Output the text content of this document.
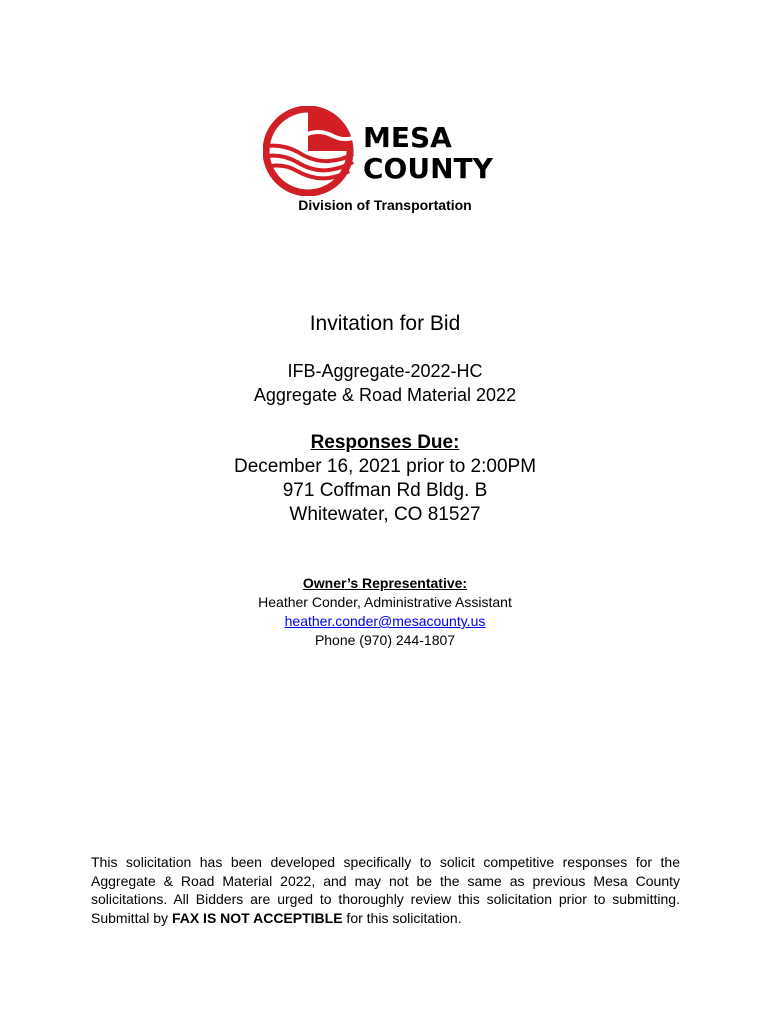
MESA
COUNTY
Division of Transportation
Invitation for Bid
IFB-Aggregate-2022-HC
Aggregate & Road Material 2022
Responses Due:
December 16, 2021 prior to 2:00PM
971 Coffman Rd Bldg. B
Whitewater, CO 81527
Owner’s Representative:
Heather Conder, Administrative Assistant
heather.conder@mesacounty.us
Phone (970) 244-1807
This solicitation has been developed specifically to solicit competitive responses for the Aggregate & Road Material 2022, and may not be the same as previous Mesa County solicitations. All Bidders are urged to thoroughly review this solicitation prior to submitting. Submittal by FAX IS NOT ACCEPTIBLE for this solicitation.
